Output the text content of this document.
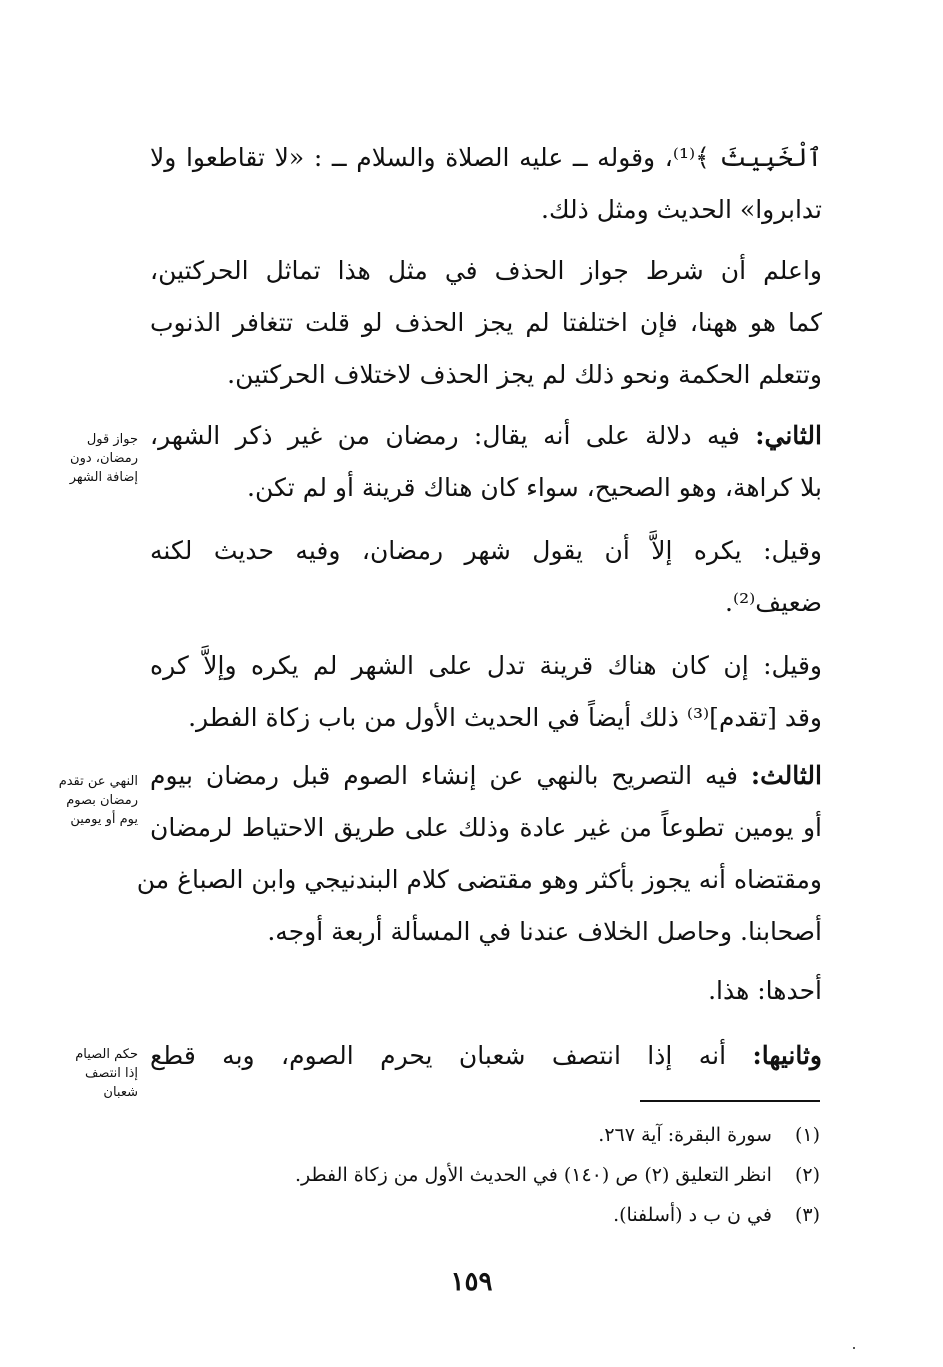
ٱلْخَبِيثَ ﴾⁽¹⁾، وقوله ــ عليه الصلاة والسلام ــ : «لا تقاطعوا ولا
تدابروا» الحديث ومثل ذلك.
واعلم أن شرط جواز الحذف في مثل هذا تماثل الحركتين،
كما هو ههنا، فإن اختلفتا لم يجز الحذف لو قلت تتغافر الذنوب
وتتعلم الحكمة ونحو ذلك لم يجز الحذف لاختلاف الحركتين.
الثاني: فيه دلالة على أنه يقال: رمضان من غير ذكر الشهر،
بلا كراهة، وهو الصحيح، سواء كان هناك قرينة أو لم تكن.
جواز قول
رمضان، دون
إضافة الشهر
وقيل: يكره إلاَّ أن يقول شهر رمضان، وفيه حديث لكنه
ضعيف⁽²⁾.
وقيل: إن كان هناك قرينة تدل على الشهر لم يكره وإلاَّ كره
وقد [تقدم]⁽³⁾ ذلك أيضاً في الحديث الأول من باب زكاة الفطر.
الثالث: فيه التصريح بالنهي عن إنشاء الصوم قبل رمضان بيوم
أو يومين تطوعاً من غير عادة وذلك على طريق الاحتياط لرمضان
ومقتضاه أنه يجوز بأكثر وهو مقتضى كلام البندنيجي وابن الصباغ من
أصحابنا. وحاصل الخلاف عندنا في المسألة أربعة أوجه.
النهي عن تقدم
رمضان بصوم
يوم أو يومين
أحدها: هذا.
وثانيها: أنه إذا انتصف شعبان يحرم الصوم، وبه قطع
حكم الصيام
إذا انتصف
شعبان
(١) سورة البقرة: آية ٢٦٧.
(٢) انظر التعليق (٢) ص (١٤٠) في الحديث الأول من زكاة الفطر.
(٣) في ن ب د (أسلفنا).
١٥٩
